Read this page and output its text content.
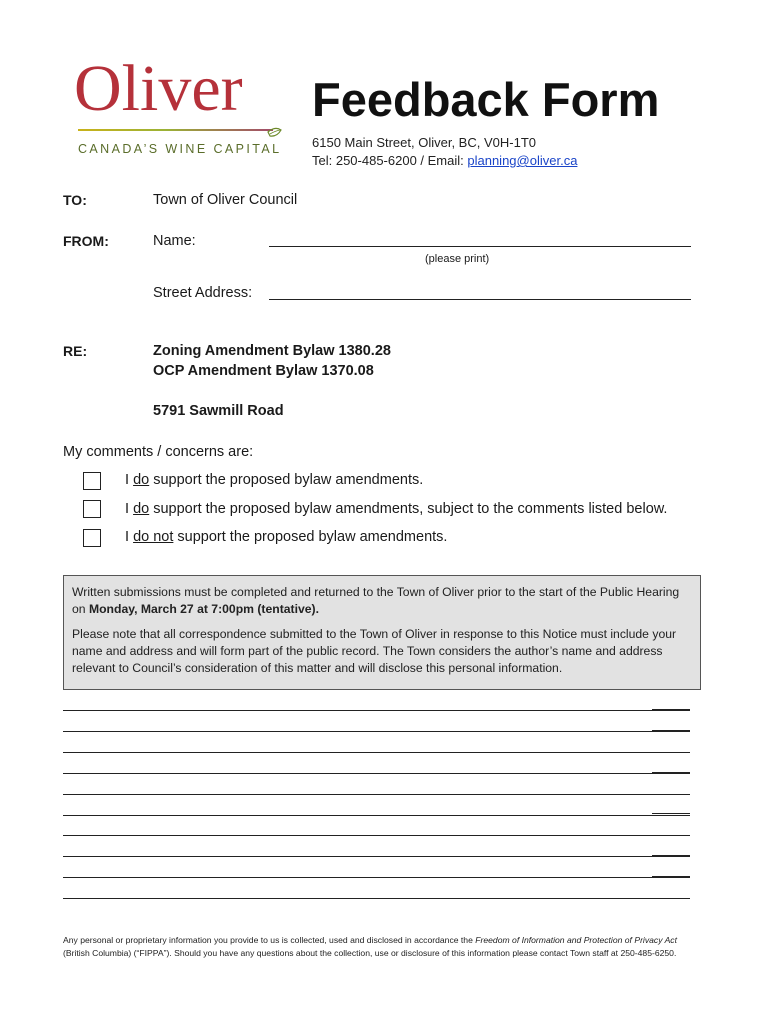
Oliver
CANADA’S WINE CAPITAL
Feedback Form
6150 Main Street, Oliver, BC, V0H-1T0
Tel: 250-485-6200 / Email: planning@oliver.ca
TO:	Town of Oliver Council
FROM:	Name:
(please print)
Street Address:
RE:	Zoning Amendment Bylaw 1380.28
OCP Amendment Bylaw 1370.08
5791 Sawmill Road
My comments / concerns are:
I do support the proposed bylaw amendments.
I do support the proposed bylaw amendments, subject to the comments listed below.
I do not support the proposed bylaw amendments.

Written submissions must be completed and returned to the Town of Oliver prior to the start of the Public Hearing on Monday, March 27 at 7:00pm (tentative).

Please note that all correspondence submitted to the Town of Oliver in response to this Notice must include your name and address and will form part of the public record. The Town considers the author’s name and address relevant to Council’s consideration of this matter and will disclose this personal information.

Any personal or proprietary information you provide to us is collected, used and disclosed in accordance the Freedom of Information and Protection of Privacy Act (British Columbia) (“FIPPA”). Should you have any questions about the collection, use or disclosure of this information please contact Town staff at 250-485-6250.
